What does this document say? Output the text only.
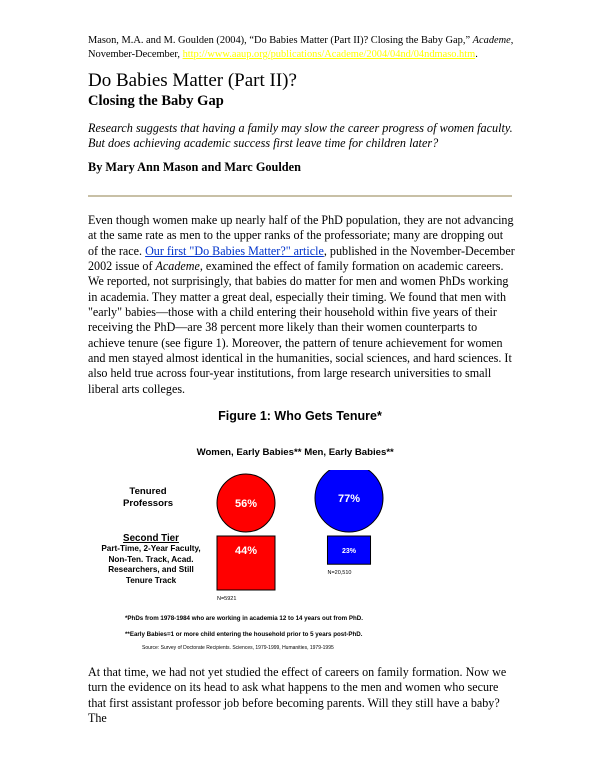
Mason, M.A. and M. Goulden (2004), “Do Babies Matter (Part II)? Closing the Baby Gap,” Academe,
November-December, http://www.aaup.org/publications/Academe/2004/04nd/04ndmaso.htm.
Do Babies Matter (Part II)?
Closing the Baby Gap
Research suggests that having a family may slow the career progress of women faculty. But does achieving academic success first leave time for children later?
By Mary Ann Mason and Marc Goulden
Even though women make up nearly half of the PhD population, they are not advancing at the same rate as men to the upper ranks of the professoriate; many are dropping out of the race. Our first "Do Babies Matter?" article, published in the November-December 2002 issue of Academe, examined the effect of family formation on academic careers. We reported, not surprisingly, that babies do matter for men and women PhDs working in academia. They matter a great deal, especially their timing. We found that men with "early" babies—those with a child entering their household within five years of their receiving the PhD—are 38 percent more likely than their women counterparts to achieve tenure (see figure 1). Moreover, the pattern of tenure achievement for women and men stayed almost identical in the humanities, social sciences, and hard sciences. It also held true across four-year institutions, from large research universities to small liberal arts colleges.
Figure 1: Who Gets Tenure*
Women, Early Babies** Men, Early Babies**
Tenured Professors
Second Tier
Part-Time, 2-Year Faculty, Non-Ten. Track, Acad. Researchers, and Still Tenure Track
56%
44%
77%
23%
N=5921
N=20,510
*PhDs from 1978-1984 who are working in academia 12 to 14 years out from PhD.
**Early Babies=1 or more child entering the household prior to 5 years post-PhD.
Source: Survey of Doctorate Recipients. Sciences, 1979-1999, Humanities, 1979-1995
At that time, we had not yet studied the effect of careers on family formation. Now we turn the evidence on its head to ask what happens to the men and women who secure that first assistant professor job before becoming parents. Will they still have a baby? The
